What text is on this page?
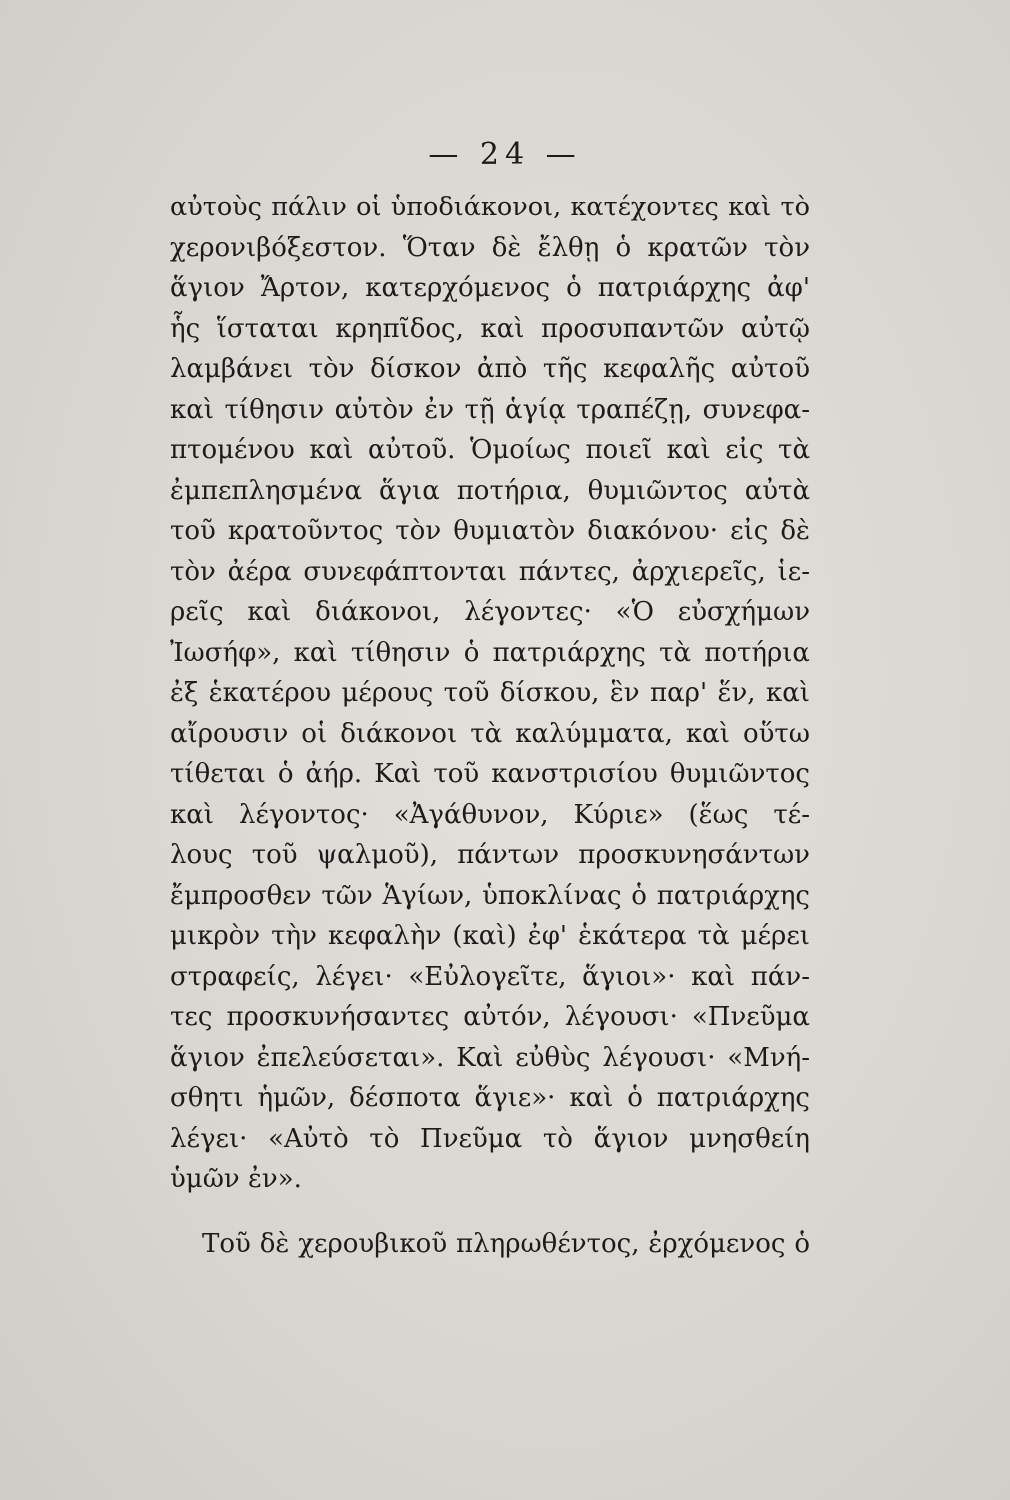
— 24 —
αὐτοὺς πάλιν οἱ ὑποδιάκονοι, κατέχοντες καὶ τὸ
χερονιβόξεστον. Ὅταν δὲ ἔλθῃ ὁ κρατῶν τὸν
ἅγιον Ἄρτον, κατερχόμενος ὁ πατριάρχης ἀφ'
ἧς ἵσταται κρηπῖδος, καὶ προσυπαντῶν αὐτῷ
λαμβάνει τὸν δίσκον ἀπὸ τῆς κεφαλῆς αὐτοῦ
καὶ τίθησιν αὐτὸν ἐν τῇ ἁγίᾳ τραπέζῃ, συνεφα-
πτομένου καὶ αὐτοῦ. Ὁμοίως ποιεῖ καὶ εἰς τὰ
ἐμπεπλησμένα ἅγια ποτήρια, θυμιῶντος αὐτὰ
τοῦ κρατοῦντος τὸν θυμιατὸν διακόνου· εἰς δὲ
τὸν ἀέρα συνεφάπτονται πάντες, ἀρχιερεῖς, ἱε-
ρεῖς καὶ διάκονοι, λέγοντες· «Ὁ εὐσχήμων
Ἰωσήφ», καὶ τίθησιν ὁ πατριάρχης τὰ ποτήρια
ἐξ ἑκατέρου μέρους τοῦ δίσκου, ἓν παρ' ἕν, καὶ
αἴρουσιν οἱ διάκονοι τὰ καλύμματα, καὶ οὕτω
τίθεται ὁ ἀήρ. Καὶ τοῦ κανστρισίου θυμιῶντος
καὶ λέγοντος· «Ἀγάθυνον, Κύριε» (ἕως τέ-
λους τοῦ ψαλμοῦ), πάντων προσκυνησάντων
ἔμπροσθεν τῶν Ἁγίων, ὑποκλίνας ὁ πατριάρχης
μικρὸν τὴν κεφαλὴν (καὶ) ἐφ' ἑκάτερα τὰ μέρει
στραφείς, λέγει· «Εὐλογεῖτε, ἅγιοι»· καὶ πάν-
τες προσκυνήσαντες αὐτόν, λέγουσι· «Πνεῦμα
ἅγιον ἐπελεύσεται». Καὶ εὐθὺς λέγουσι· «Μνή-
σθητι ἡμῶν, δέσποτα ἅγιε»· καὶ ὁ πατριάρχης
λέγει· «Αὐτὸ τὸ Πνεῦμα τὸ ἅγιον μνησθείη
ὑμῶν ἐν».
Τοῦ δὲ χερουβικοῦ πληρωθέντος, ἐρχόμενος ὁ
